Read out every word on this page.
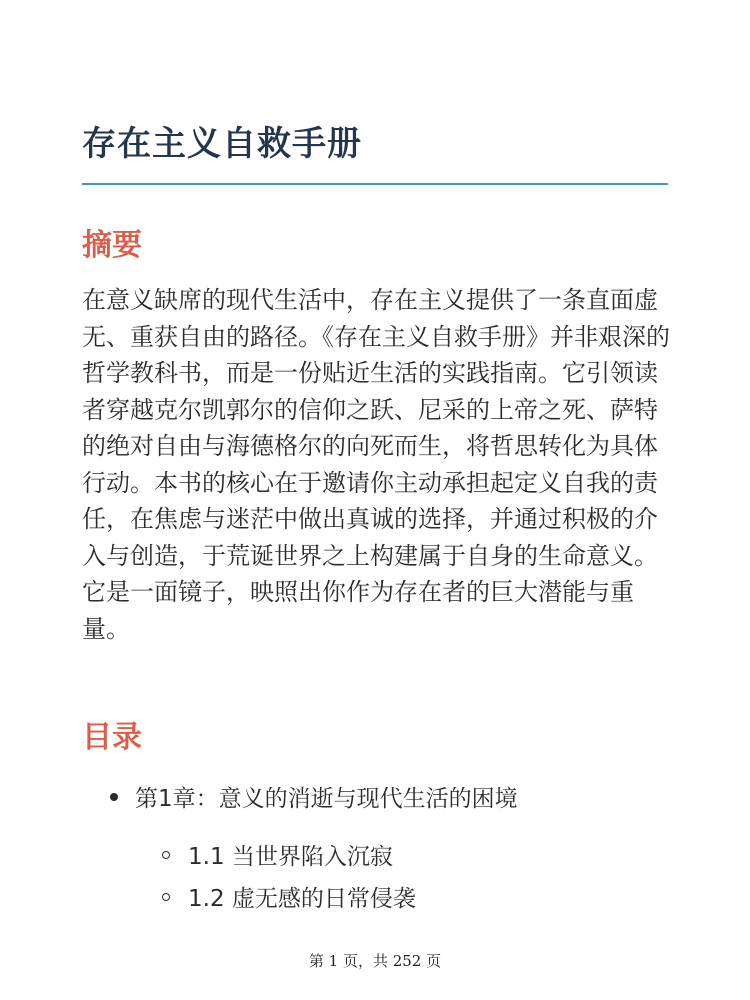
存在主义自救手册
摘要

在意义缺席的现代生活中，存在主义提供了一条直面虚无、重获自由的路径。《存在主义自救手册》并非艰深的哲学教科书，而是一份贴近生活的实践指南。它引领读者穿越克尔凯郭尔的信仰之跃、尼采的上帝之死、萨特的绝对自由与海德格尔的向死而生，将哲思转化为具体行动。本书的核心在于邀请你主动承担起定义自我的责任，在焦虑与迷茫中做出真诚的选择，并通过积极的介入与创造，于荒诞世界之上构建属于自身的生命意义。它是一面镜子，映照出你作为存在者的巨大潜能与重量。

目录
第1章：意义的消逝与现代生活的困境
1.1 当世界陷入沉寂
1.2 虚无感的日常侵袭
第 1 页，共 252 页
